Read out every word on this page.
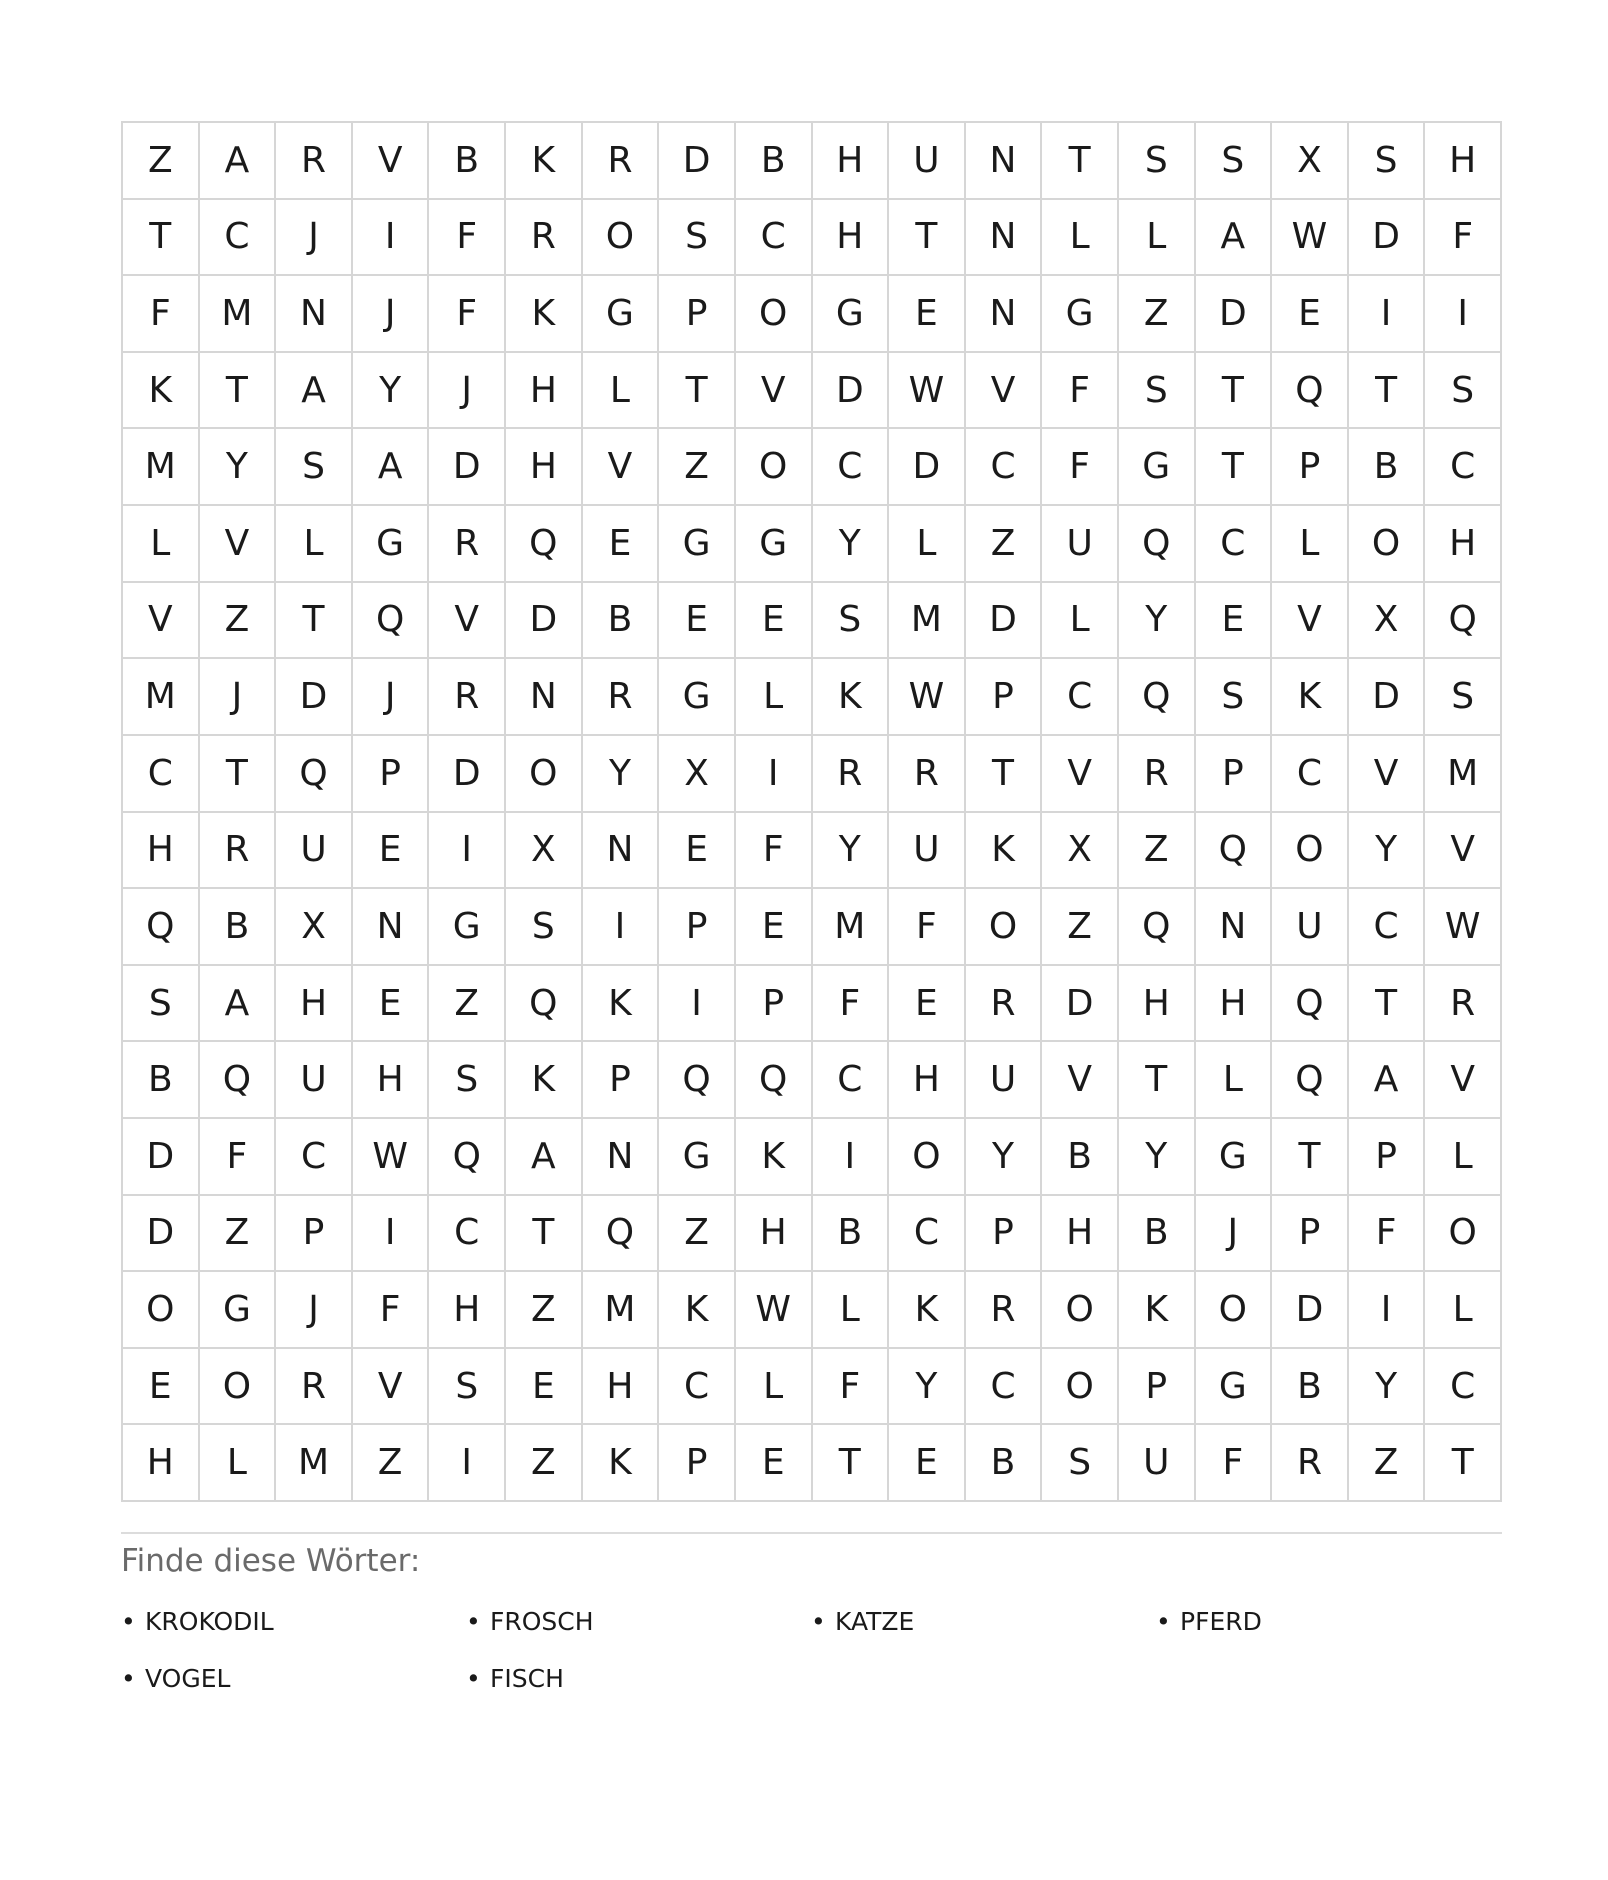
Z	A	R	V	B	K	R	D	B	H	U	N	T	S	S	X	S	H
T	C	J	I	F	R	O	S	C	H	T	N	L	L	A	W	D	F
F	M	N	J	F	K	G	P	O	G	E	N	G	Z	D	E	I	I
K	T	A	Y	J	H	L	T	V	D	W	V	F	S	T	Q	T	S
M	Y	S	A	D	H	V	Z	O	C	D	C	F	G	T	P	B	C
L	V	L	G	R	Q	E	G	G	Y	L	Z	U	Q	C	L	O	H
V	Z	T	Q	V	D	B	E	E	S	M	D	L	Y	E	V	X	Q
M	J	D	J	R	N	R	G	L	K	W	P	C	Q	S	K	D	S
C	T	Q	P	D	O	Y	X	I	R	R	T	V	R	P	C	V	M
H	R	U	E	I	X	N	E	F	Y	U	K	X	Z	Q	O	Y	V
Q	B	X	N	G	S	I	P	E	M	F	O	Z	Q	N	U	C	W
S	A	H	E	Z	Q	K	I	P	F	E	R	D	H	H	Q	T	R
B	Q	U	H	S	K	P	Q	Q	C	H	U	V	T	L	Q	A	V
D	F	C	W	Q	A	N	G	K	I	O	Y	B	Y	G	T	P	L
D	Z	P	I	C	T	Q	Z	H	B	C	P	H	B	J	P	F	O
O	G	J	F	H	Z	M	K	W	L	K	R	O	K	O	D	I	L
E	O	R	V	S	E	H	C	L	F	Y	C	O	P	G	B	Y	C
H	L	M	Z	I	Z	K	P	E	T	E	B	S	U	F	R	Z	T
Finde diese Wörter:
• KROKODIL	• FROSCH	• KATZE	• PFERD
• VOGEL	• FISCH
